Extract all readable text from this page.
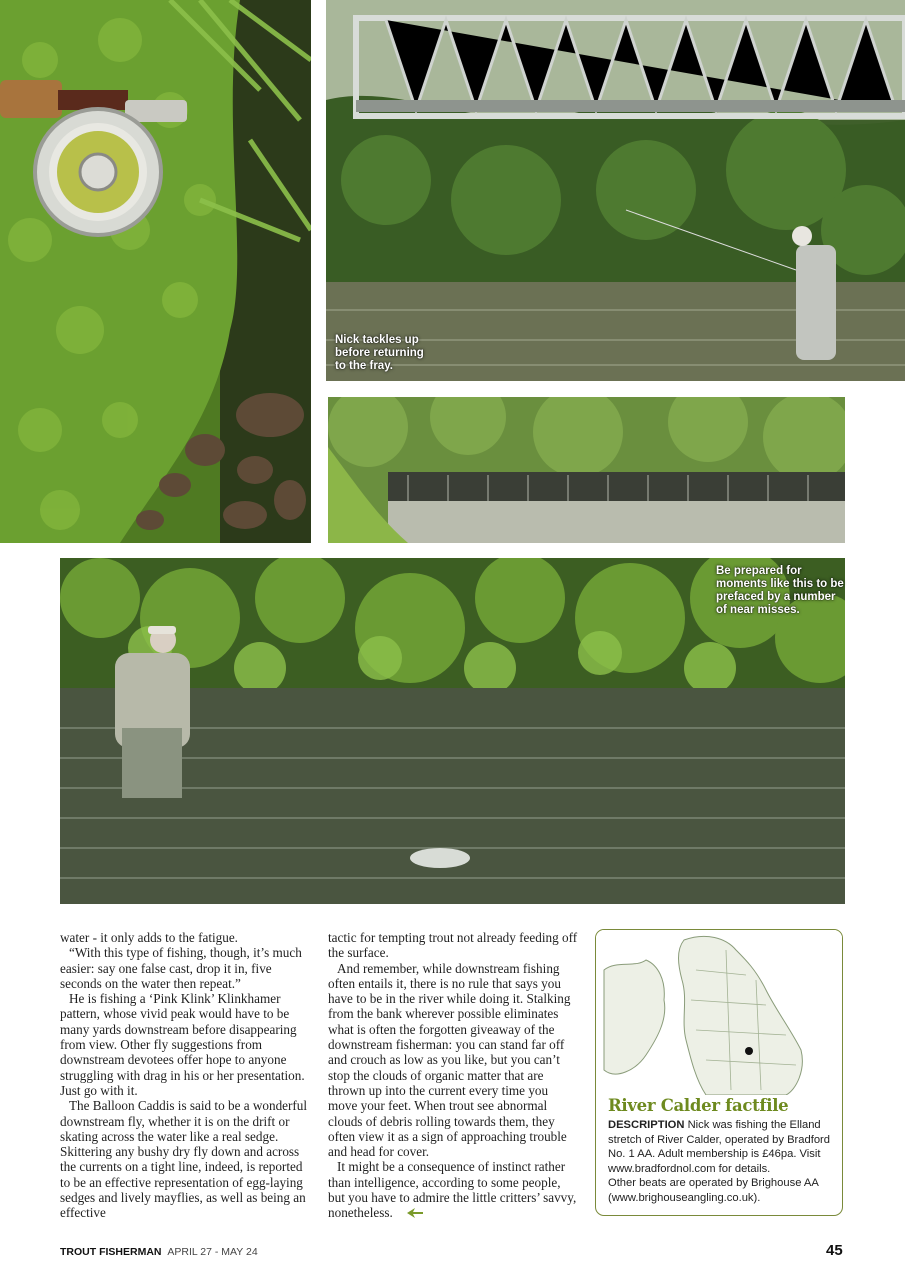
Nick tackles up
before returning
to the fray.
Be prepared for
moments like this to be
prefaced by a number
of near misses.

water - it only adds to the fatigue.

“With this type of fishing, though, it’s much easier: say one false cast, drop it in, five seconds on the water then repeat.”

He is fishing a ‘Pink Klink’ Klinkhamer pattern, whose vivid peak would have to be many yards downstream before disappearing from view. Other fly suggestions from downstream devotees offer hope to anyone struggling with drag in his or her presentation. Just go with it.

The Balloon Caddis is said to be a wonderful downstream fly, whether it is on the drift or skating across the water like a real sedge. Skittering any bushy dry fly down and across the currents on a tight line, indeed, is reported to be an effective representation of egg-laying sedges and lively mayflies, as well as being an effective

tactic for tempting trout not already feeding off the surface.

And remember, while downstream fishing often entails it, there is no rule that says you have to be in the river while doing it. Stalking from the bank wherever possible eliminates what is often the forgotten giveaway of the downstream fisherman: you can stand far off and crouch as low as you like, but you can’t stop the clouds of organic matter that are thrown up into the current every time you move your feet. When trout see abnormal clouds of debris rolling towards them, they often view it as a sign of approaching trouble and head for cover.

It might be a consequence of instinct rather than intelligence, according to some people, but you have to admire the little critters’ savvy, nonetheless.

River Calder factfile
DESCRIPTION Nick was fishing the Elland stretch of River Calder, operated by Bradford No. 1 AA. Adult membership is £46pa. Visit www.bradfordnol.com for details.
Other beats are operated by Brighouse AA (www.brighouseangling.co.uk).
TROUT FISHERMAN APRIL 27 - MAY 24	45
